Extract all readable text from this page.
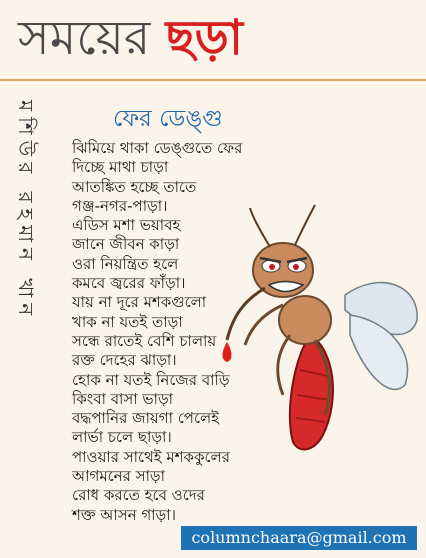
সময়ের ছড়া
মশিউর রহমান খান	ফের ডেঙ্গু
ঝিমিয়ে থাকা ডেঙ্গুতে ফের
দিচ্ছে মাথা চাড়া
আতঙ্কিত হচ্ছে তাতে
গঞ্জ-নগর-পাড়া।
এডিস মশা ভয়াবহ
জানে জীবন কাড়া
ওরা নিয়ন্ত্রিত হলে
কমবে জ্বরের ফাঁড়া।
যায় না দূরে মশকগুলো
খাক না যতই তাড়া
সন্ধে রাতেই বেশি চালায়
রক্ত দেহের ঝাড়া।
হোক না যতই নিজের বাড়ি
কিংবা বাসা ভাড়া
বদ্ধপানির জায়গা পেলেই
লার্ভা চলে ছাড়া।
পাওয়ার সাথেই মশককুলের
আগমনের সাড়া
রোধ করতে হবে ওদের
শক্ত আসন গাড়া।
columnchaara@gmail.com
